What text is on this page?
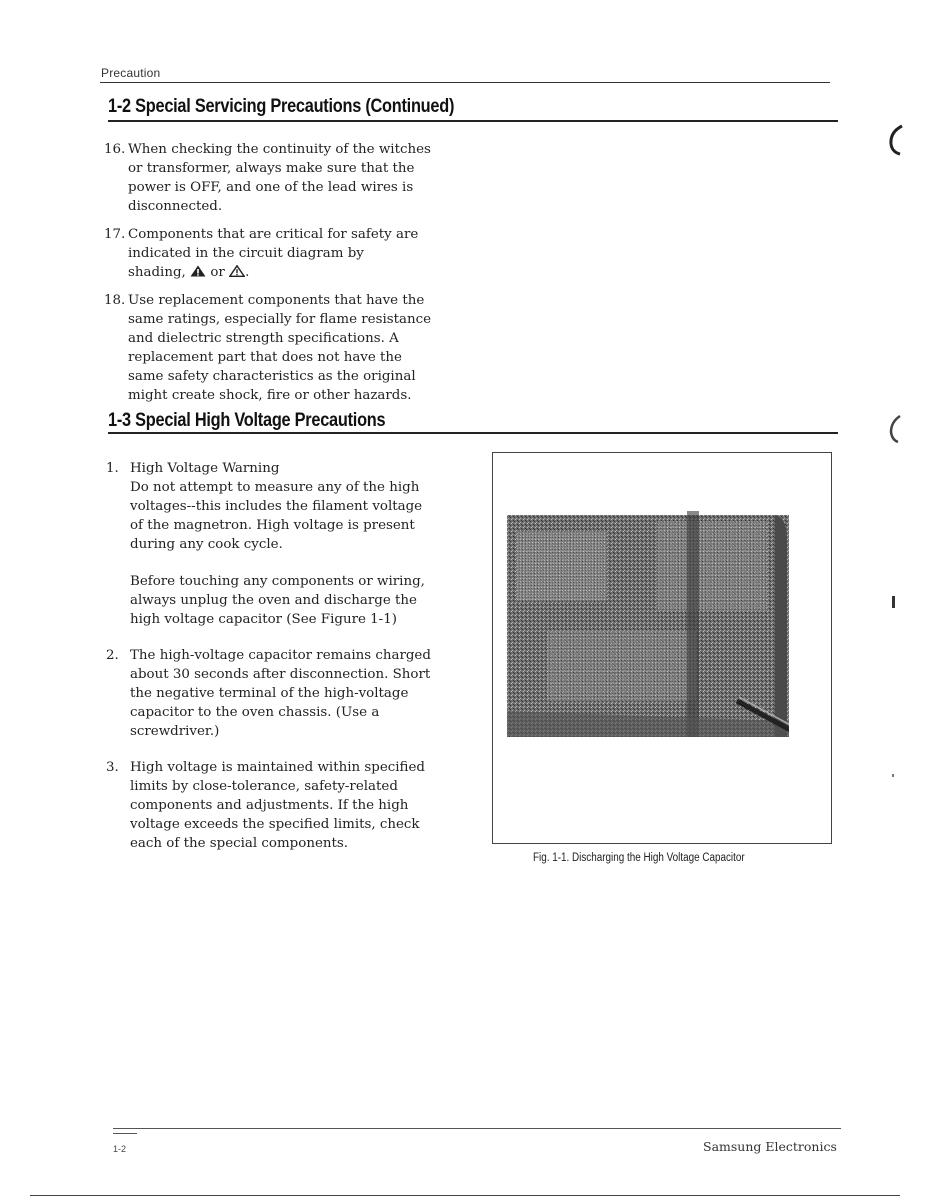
Precaution
1-2 Special Servicing Precautions (Continued)
16. When checking the continuity of the witches
or transformer, always make sure that the
power is OFF, and one of the lead wires is
disconnected.
17. Components that are critical for safety are
indicated in the circuit diagram by
shading, or .
18. Use replacement components that have the
same ratings, especially for flame resistance
and dielectric strength specifications. A
replacement part that does not have the
same safety characteristics as the original
might create shock, fire or other hazards.
1-3 Special High Voltage Precautions
1. High Voltage Warning
Do not attempt to measure any of the high
voltages--this includes the filament voltage
of the magnetron. High voltage is present
during any cook cycle.
Before touching any components or wiring,
always unplug the oven and discharge the
high voltage capacitor (See Figure 1-1)
2. The high-voltage capacitor remains charged
about 30 seconds after disconnection. Short
the negative terminal of the high-voltage
capacitor to the oven chassis. (Use a
screwdriver.)
3. High voltage is maintained within specified
limits by close-tolerance, safety-related
components and adjustments. If the high
voltage exceeds the specified limits, check
each of the special components.
Fig. 1-1. Discharging the High Voltage Capacitor
1-2	Samsung Electronics
